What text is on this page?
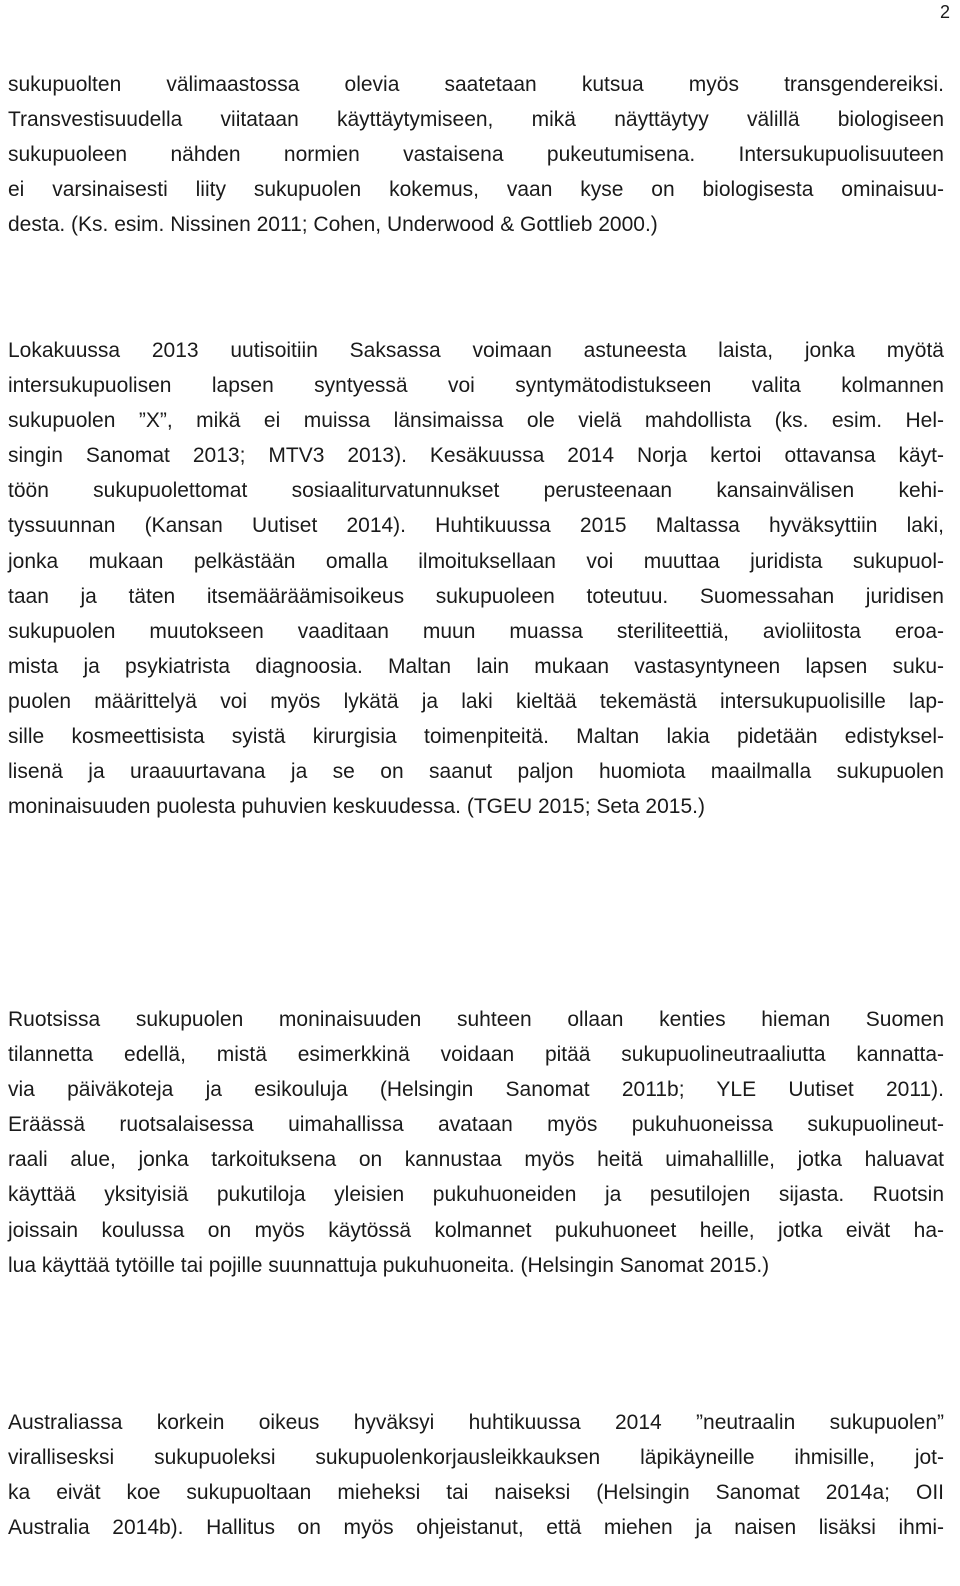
2
sukupuolten välimaastossa olevia saatetaan kutsua myös transgendereiksi.
Transvestisuudella viitataan käyttäytymiseen, mikä näyttäytyy välillä biologiseen
sukupuoleen nähden normien vastaisena pukeutumisena. Intersukupuolisuuteen
ei varsinaisesti liity sukupuolen kokemus, vaan kyse on biologisesta ominaisuu-
desta. (Ks. esim. Nissinen 2011; Cohen, Underwood & Gottlieb 2000.)
Lokakuussa 2013 uutisoitiin Saksassa voimaan astuneesta laista, jonka myötä
intersukupuolisen lapsen syntyessä voi syntymätodistukseen valita kolmannen
sukupuolen ”X”, mikä ei muissa länsimaissa ole vielä mahdollista (ks. esim. Hel-
singin Sanomat 2013; MTV3 2013). Kesäkuussa 2014 Norja kertoi ottavansa käyt-
töön sukupuolettomat sosiaaliturvatunnukset perusteenaan kansainvälisen kehi-
tyssuunnan (Kansan Uutiset 2014). Huhtikuussa 2015 Maltassa hyväksyttiin laki,
jonka mukaan pelkästään omalla ilmoituksellaan voi muuttaa juridista sukupuol-
taan ja täten itsemääräämisoikeus sukupuoleen toteutuu. Suomessahan juridisen
sukupuolen muutokseen vaaditaan muun muassa steriliteettiä, avioliitosta eroa-
mista ja psykiatrista diagnoosia. Maltan lain mukaan vastasyntyneen lapsen suku-
puolen määrittelyä voi myös lykätä ja laki kieltää tekemästä intersukupuolisille lap-
sille kosmeettisista syistä kirurgisia toimenpiteitä. Maltan lakia pidetään edistyksel-
lisenä ja uraauurtavana ja se on saanut paljon huomiota maailmalla sukupuolen
moninaisuuden puolesta puhuvien keskuudessa. (TGEU 2015; Seta 2015.)
Ruotsissa sukupuolen moninaisuuden suhteen ollaan kenties hieman Suomen
tilannetta edellä, mistä esimerkkinä voidaan pitää sukupuolineutraaliutta kannatta-
via päiväkoteja ja esikouluja (Helsingin Sanomat 2011b; YLE Uutiset 2011).
Eräässä ruotsalaisessa uimahallissa avataan myös pukuhuoneissa sukupuolineut-
raali alue, jonka tarkoituksena on kannustaa myös heitä uimahallille, jotka haluavat
käyttää yksityisiä pukutiloja yleisien pukuhuoneiden ja pesutilojen sijasta. Ruotsin
joissain koulussa on myös käytössä kolmannet pukuhuoneet heille, jotka eivät ha-
lua käyttää tytöille tai pojille suunnattuja pukuhuoneita. (Helsingin Sanomat 2015.)
Australiassa korkein oikeus hyväksyi huhtikuussa 2014 ”neutraalin sukupuolen”
virallisesksi sukupuoleksi sukupuolenkorjausleikkauksen läpikäyneille ihmisille, jot-
ka eivät koe sukupuoltaan mieheksi tai naiseksi (Helsingin Sanomat 2014a; OII
Australia 2014b). Hallitus on myös ohjeistanut, että miehen ja naisen lisäksi ihmi-
